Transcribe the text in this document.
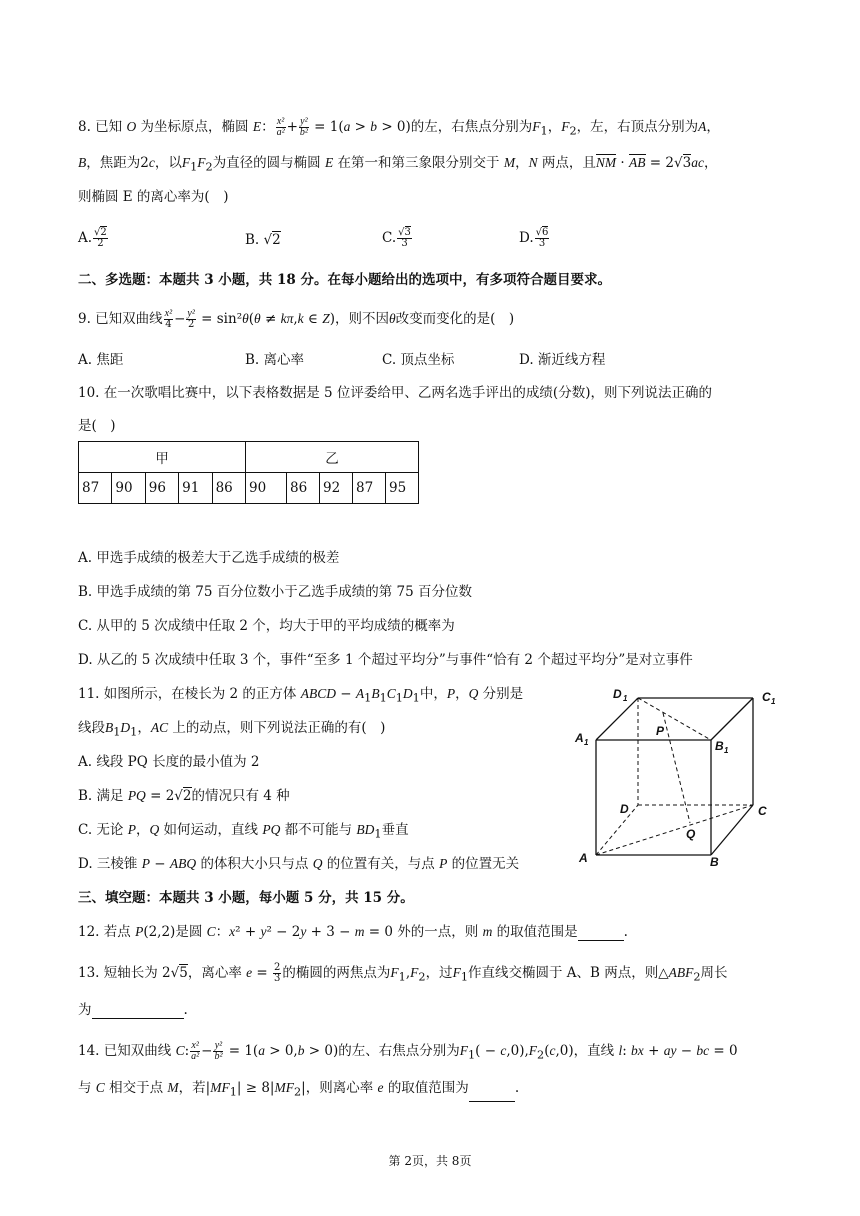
8. 已知 O 为坐标原点，椭圆 E： $\frac{\text{x²}}{\text{a²}} + \frac{\text{y²}}{\text{b²}} = 1(a > b > 0)$的左，右焦点分别为$F_1$，$F_2$，左，右顶点分别为A，
B，焦距为2c，以$F_1F_2$为直径的圆与椭圆 E 在第一和第三象限分别交于 M，N 两点，且NM · AB = 2√3ac，
则椭圆 E 的离心率为(　)
A. $\frac{√2}{2}$	B. √2	C. $\frac{√3}{3}$	D. $\frac{√6}{3}$
二、多选题：本题共 3 小题，共 18 分。在每小题给出的选项中，有多项符合题目要求。
9. 已知双曲线 $\frac{\text{x²}}{4} - \frac{\text{y²}}{2} = \sin^2\theta(\theta \ne k\pi,k$ ∈ Z)，则不因θ改变而变化的是(　)
A. 焦距	B. 离心率	C. 顶点坐标	D. 渐近线方程
10. 在一次歌唱比赛中，以下表格数据是 5 位评委给甲、乙两名选手评出的成绩(分数)，则下列说法正确的
是(　)
甲					乙				
87	90	96	91	86	90	86	92	87	95
A. 甲选手成绩的极差大于乙选手成绩的极差
B. 甲选手成绩的第 75 百分位数小于乙选手成绩的第 75 百分位数
C. 从甲的 5 次成绩中任取 2 个，均大于甲的平均成绩的概率为
D. 从乙的 5 次成绩中任取 3 个，事件“至多 1 个超过平均分”与事件“恰有 2 个超过平均分”是对立事件
11. 如图所示，在棱长为 2 的正方体 ABCD − $A_1B_1C_1D_1$中，P，Q 分别是
线段$B_1D_1$，AC 上的动点，则下列说法正确的有(　)
A. 线段 PQ 长度的最小值为 2
B. 满足 PQ = 2√2的情况只有 4 种
C. 无论 P，Q 如何运动，直线 PQ 都不可能与 $BD_1$垂直
D. 三棱锥 P − ABQ 的体积大小只与点 Q 的位置有关，与点 P 的位置无关
D 1	C 1
A 1
P
B 1
D	C
Q
A	B
三、填空题：本题共 3 小题，每小题 5 分，共 15 分。
12. 若点 P(2,2)是圆 C：x² + y² − 2y + 3 − m = 0 外的一点，则 m 的取值范围是	.
13. 短轴长为 2√5，离心率 $e = \frac{2}{3}$ 的椭圆的两焦点为$F_1,F_2$，过$F_1$作直线交椭圆于 A、B 两点，则$\triangle ABF_2$周长
为	.
14. 已知双曲线 C: $\frac{\text{x²}}{\text{a²}} - \frac{\text{y²}}{\text{b²}} = 1(a > 0,b > 0)$的左、右焦点分别为$F_1( - c,0),F_2(c,0)$，直线 l: bx + ay − bc = 0
与 C 相交于点 M，若$|MF_1| \ge 8|MF_2|$，则离心率 e 的取值范围为	.
第 2页，共 8页
